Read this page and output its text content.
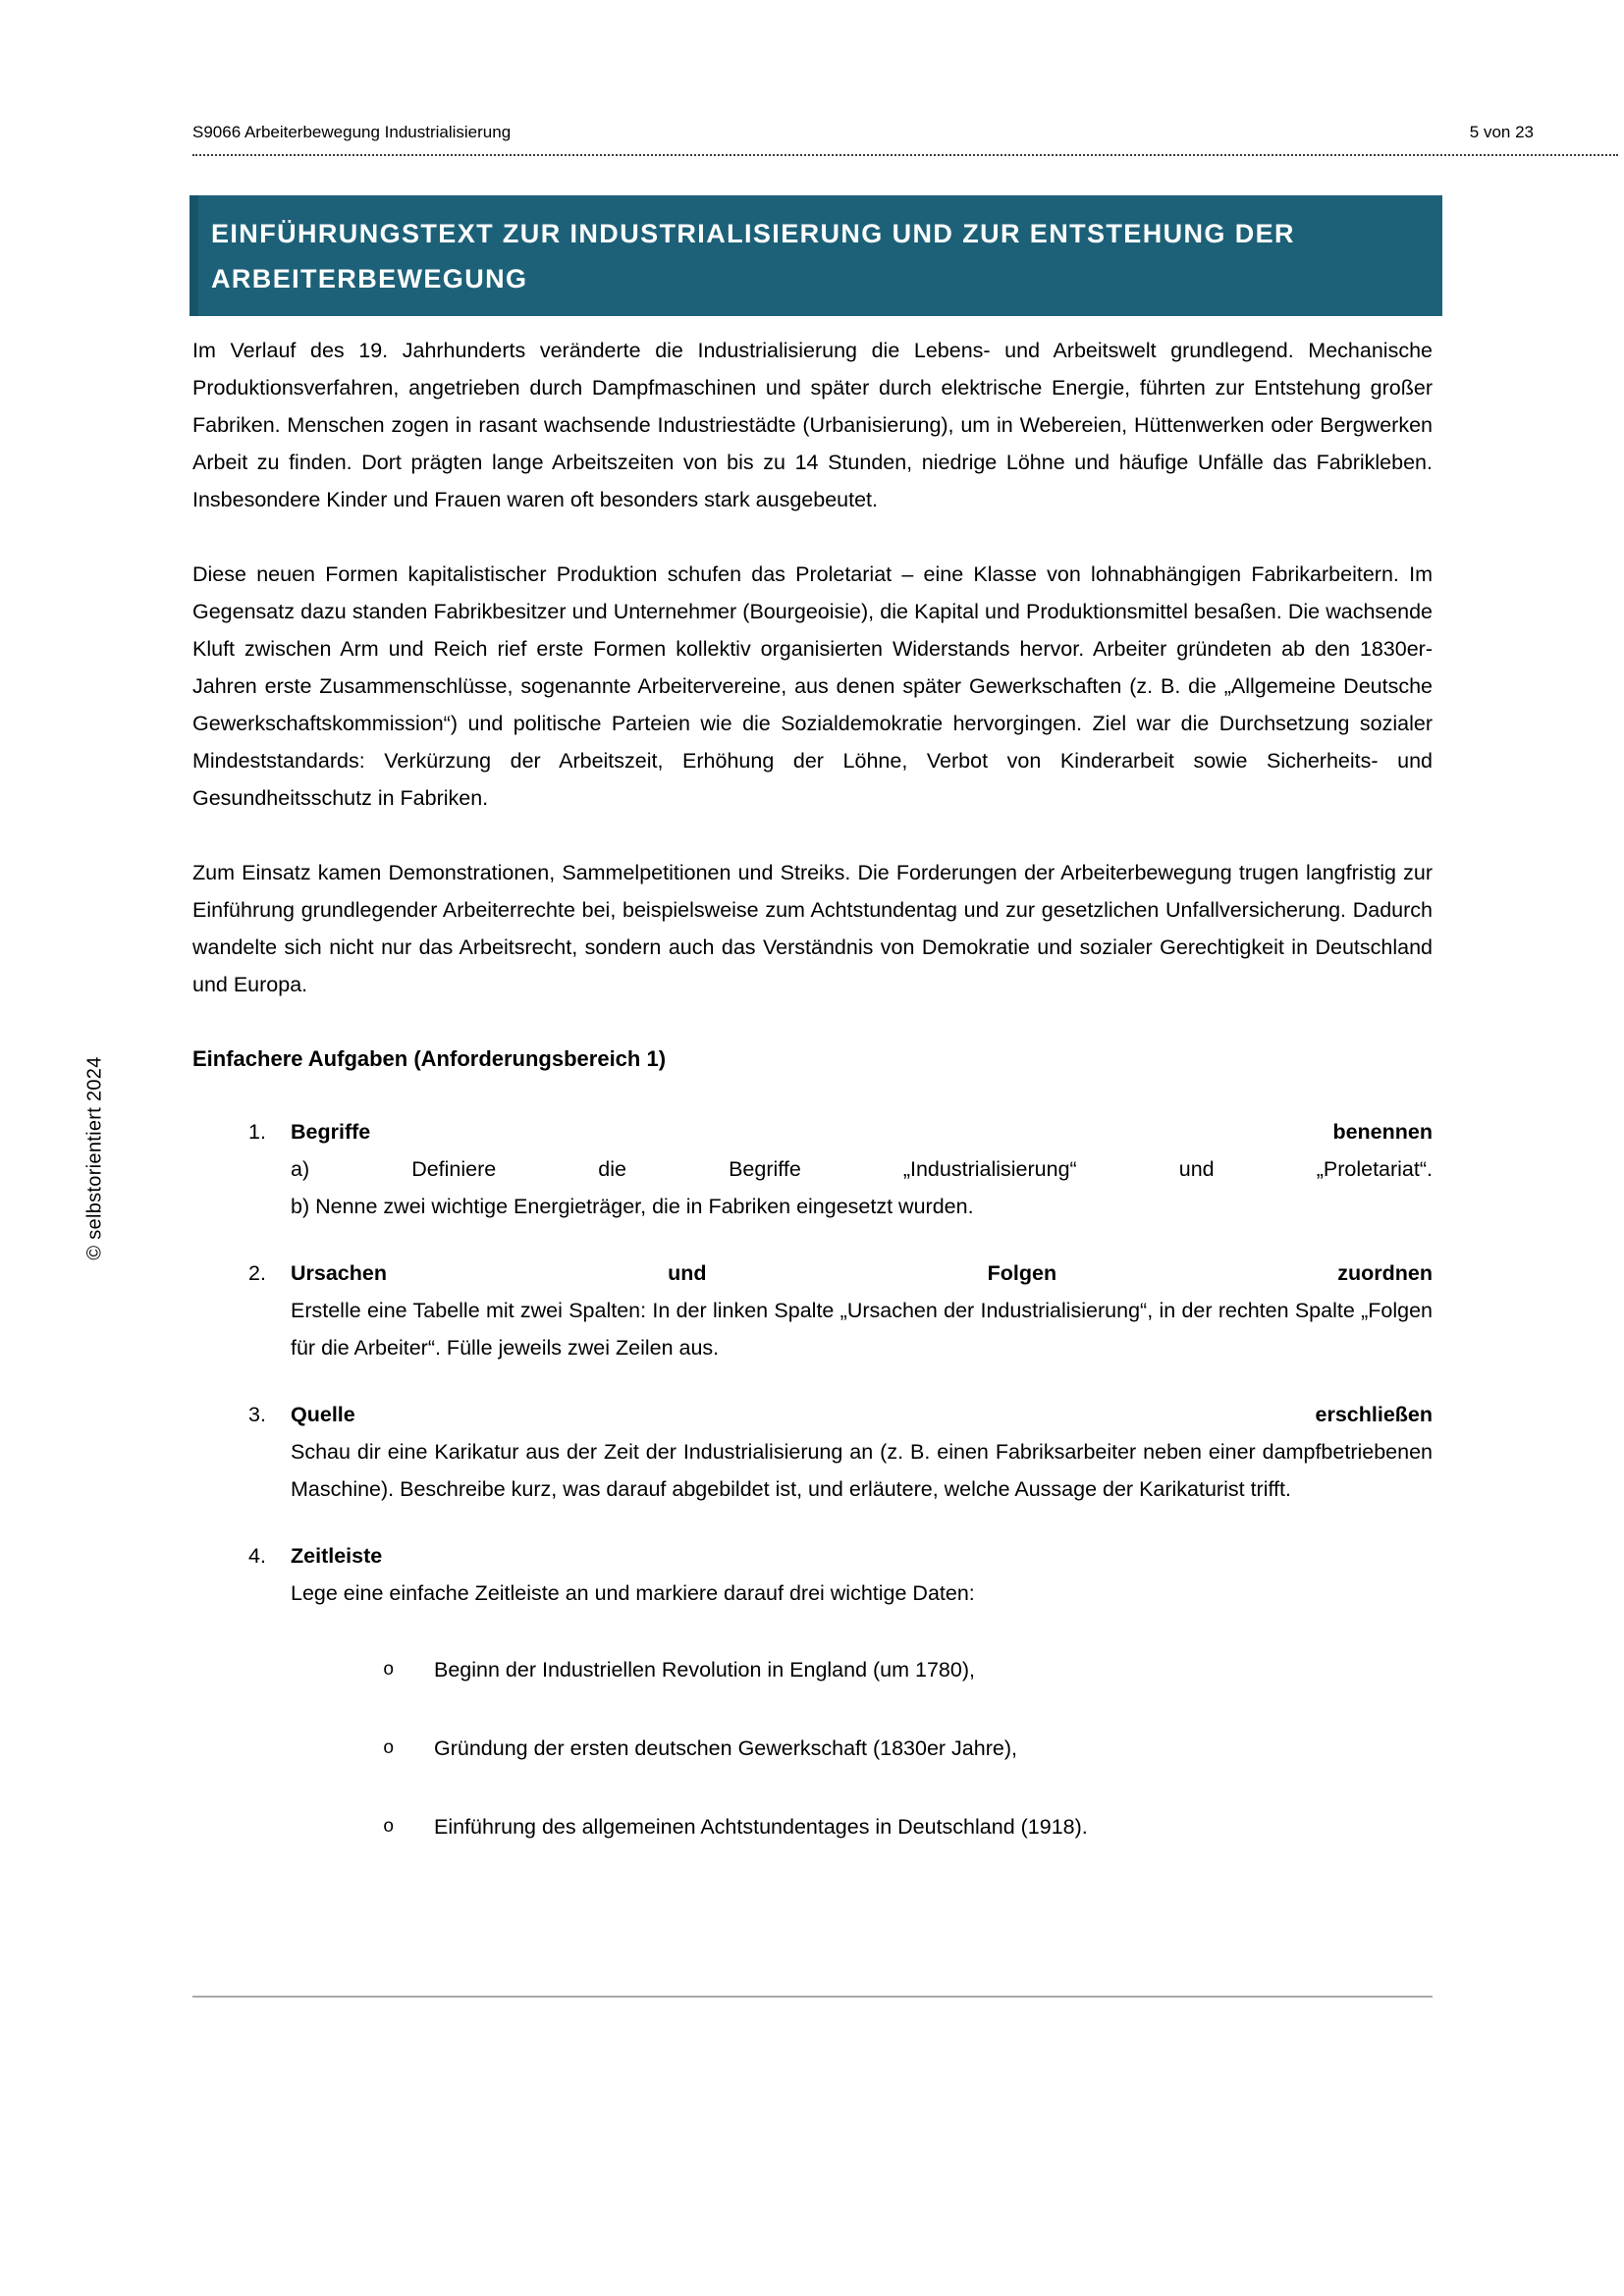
S9066 Arbeiterbewegung Industrialisierung	5 von 23
EINFÜHRUNGSTEXT ZUR INDUSTRIALISIERUNG UND ZUR ENTSTEHUNG DER ARBEITERBEWEGUNG

Im Verlauf des 19. Jahrhunderts veränderte die Industrialisierung die Lebens- und Arbeitswelt grundlegend. Mechanische Produktionsverfahren, angetrieben durch Dampfmaschinen und später durch elektrische Energie, führten zur Entstehung großer Fabriken. Menschen zogen in rasant wachsende Industriestädte (Urbanisierung), um in Webereien, Hüttenwerken oder Bergwerken Arbeit zu finden. Dort prägten lange Arbeitszeiten von bis zu 14 Stunden, niedrige Löhne und häufige Unfälle das Fabrikleben. Insbesondere Kinder und Frauen waren oft besonders stark ausgebeutet.

Diese neuen Formen kapitalistischer Produktion schufen das Proletariat – eine Klasse von lohnabhängigen Fabrikarbeitern. Im Gegensatz dazu standen Fabrikbesitzer und Unternehmer (Bourgeoisie), die Kapital und Produktionsmittel besaßen. Die wachsende Kluft zwischen Arm und Reich rief erste Formen kollektiv organisierten Widerstands hervor. Arbeiter gründeten ab den 1830er-Jahren erste Zusammenschlüsse, sogenannte Arbeitervereine, aus denen später Gewerkschaften (z. B. die „Allgemeine Deutsche Gewerkschaftskommission“) und politische Parteien wie die Sozialdemokratie hervorgingen. Ziel war die Durchsetzung sozialer Mindeststandards: Verkürzung der Arbeitszeit, Erhöhung der Löhne, Verbot von Kinderarbeit sowie Sicherheits- und Gesundheitsschutz in Fabriken.

Zum Einsatz kamen Demonstrationen, Sammelpetitionen und Streiks. Die Forderungen der Arbeiterbewegung trugen langfristig zur Einführung grundlegender Arbeiterrechte bei, beispielsweise zum Achtstundentag und zur gesetzlichen Unfallversicherung. Dadurch wandelte sich nicht nur das Arbeitsrecht, sondern auch das Verständnis von Demokratie und sozialer Gerechtigkeit in Deutschland und Europa.

Einfachere Aufgaben (Anforderungsbereich 1)
1.	Begriffe	benennen
a) Definiere die Begriffe „Industrialisierung“ und „Proletariat“.
b) Nenne zwei wichtige Energieträger, die in Fabriken eingesetzt wurden.
2.	Ursachen	und	Folgen	zuordnen
Erstelle eine Tabelle mit zwei Spalten: In der linken Spalte „Ursachen der Industrialisierung“, in der rechten Spalte „Folgen für die Arbeiter“. Fülle jeweils zwei Zeilen aus.
3.	Quelle	erschließen
Schau dir eine Karikatur aus der Zeit der Industrialisierung an (z. B. einen Fabriksarbeiter neben einer dampfbetriebenen Maschine). Beschreibe kurz, was darauf abgebildet ist, und erläutere, welche Aussage der Karikaturist trifft.
4.	Zeitleiste
Lege eine einfache Zeitleiste an und markiere darauf drei wichtige Daten:
o	Beginn der Industriellen Revolution in England (um 1780),
o	Gründung der ersten deutschen Gewerkschaft (1830er Jahre),
o	Einführung des allgemeinen Achtstundentages in Deutschland (1918).
© selbstorientiert 2024
